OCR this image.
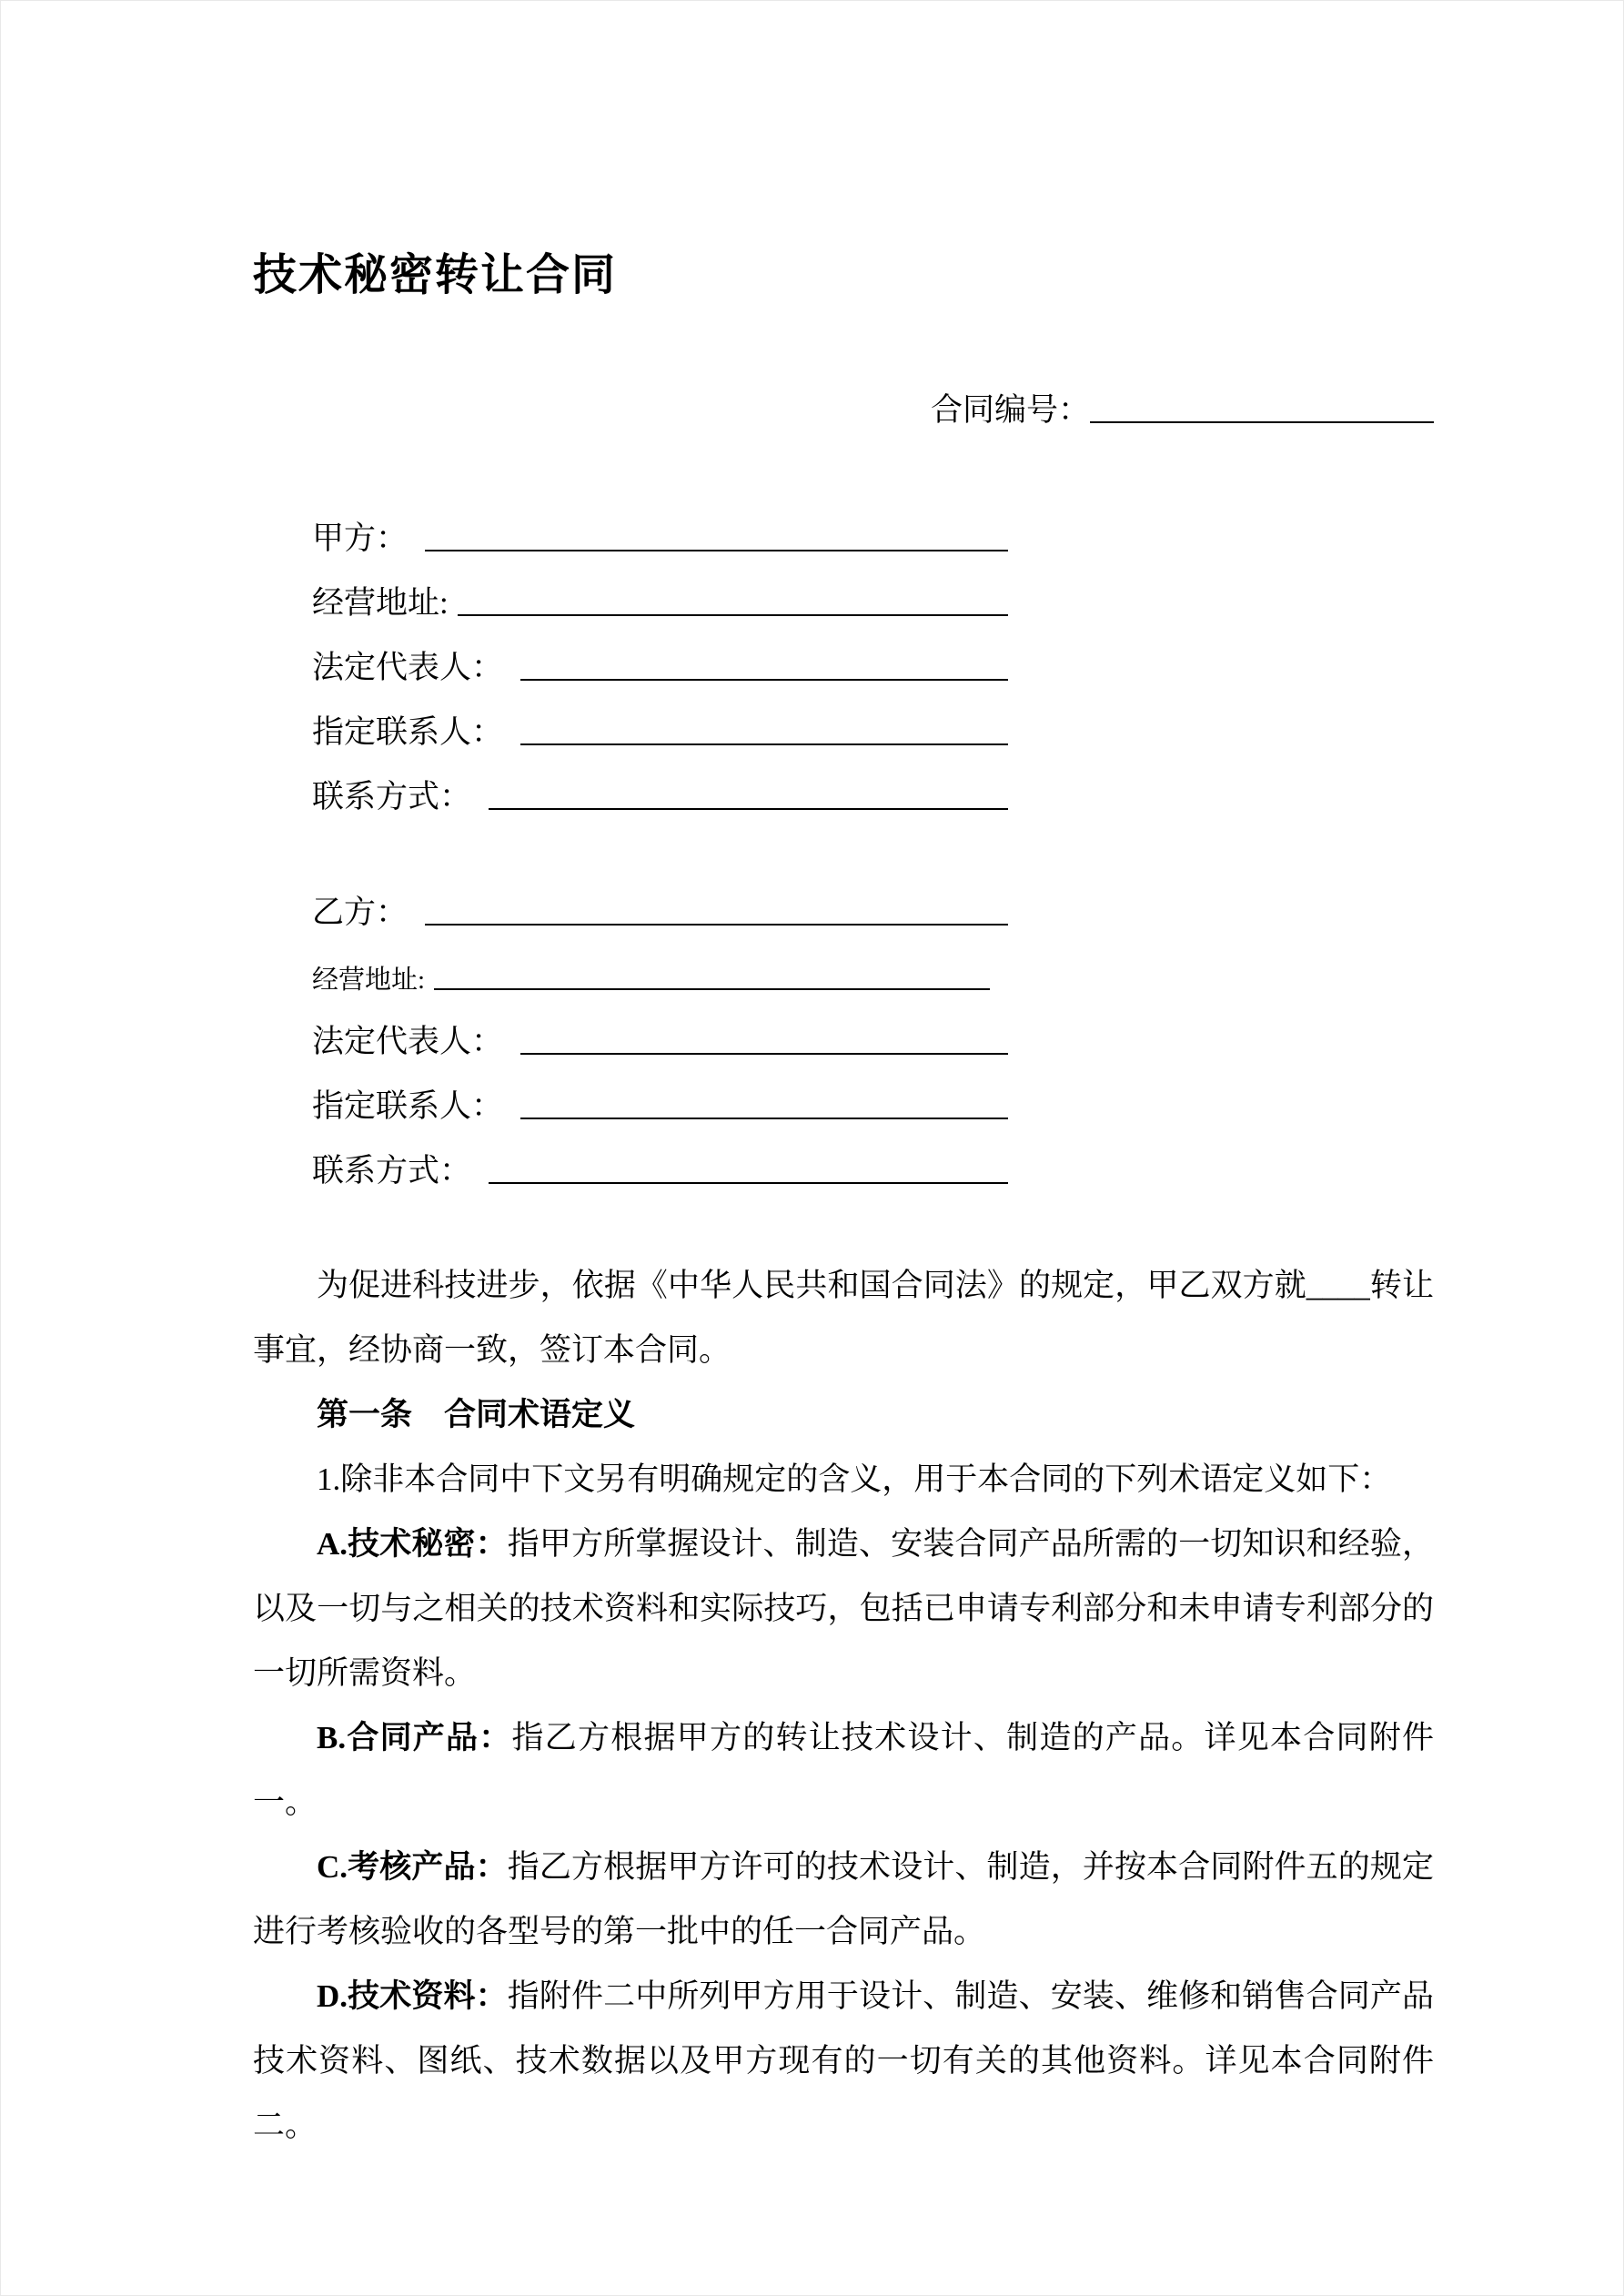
技术秘密转让合同
合同编号：
甲方：
经营地址:
法定代表人：
指定联系人：
联系方式：
乙方：
经营地址:
法定代表人：
指定联系人：
联系方式：

为促进科技进步，依据《中华人民共和国合同法》的规定，甲乙双方就____转让事宜，经协商一致，签订本合同。

第一条　合同术语定义

1.除非本合同中下文另有明确规定的含义，用于本合同的下列术语定义如下：

A.技术秘密：指甲方所掌握设计、制造、安装合同产品所需的一切知识和经验，以及一切与之相关的技术资料和实际技巧，包括已申请专利部分和未申请专利部分的一切所需资料。

B.合同产品：指乙方根据甲方的转让技术设计、制造的产品。详见本合同附件一。

C.考核产品：指乙方根据甲方许可的技术设计、制造，并按本合同附件五的规定进行考核验收的各型号的第一批中的任一合同产品。

D.技术资料：指附件二中所列甲方用于设计、制造、安装、维修和销售合同产品技术资料、图纸、技术数据以及甲方现有的一切有关的其他资料。详见本合同附件二。
